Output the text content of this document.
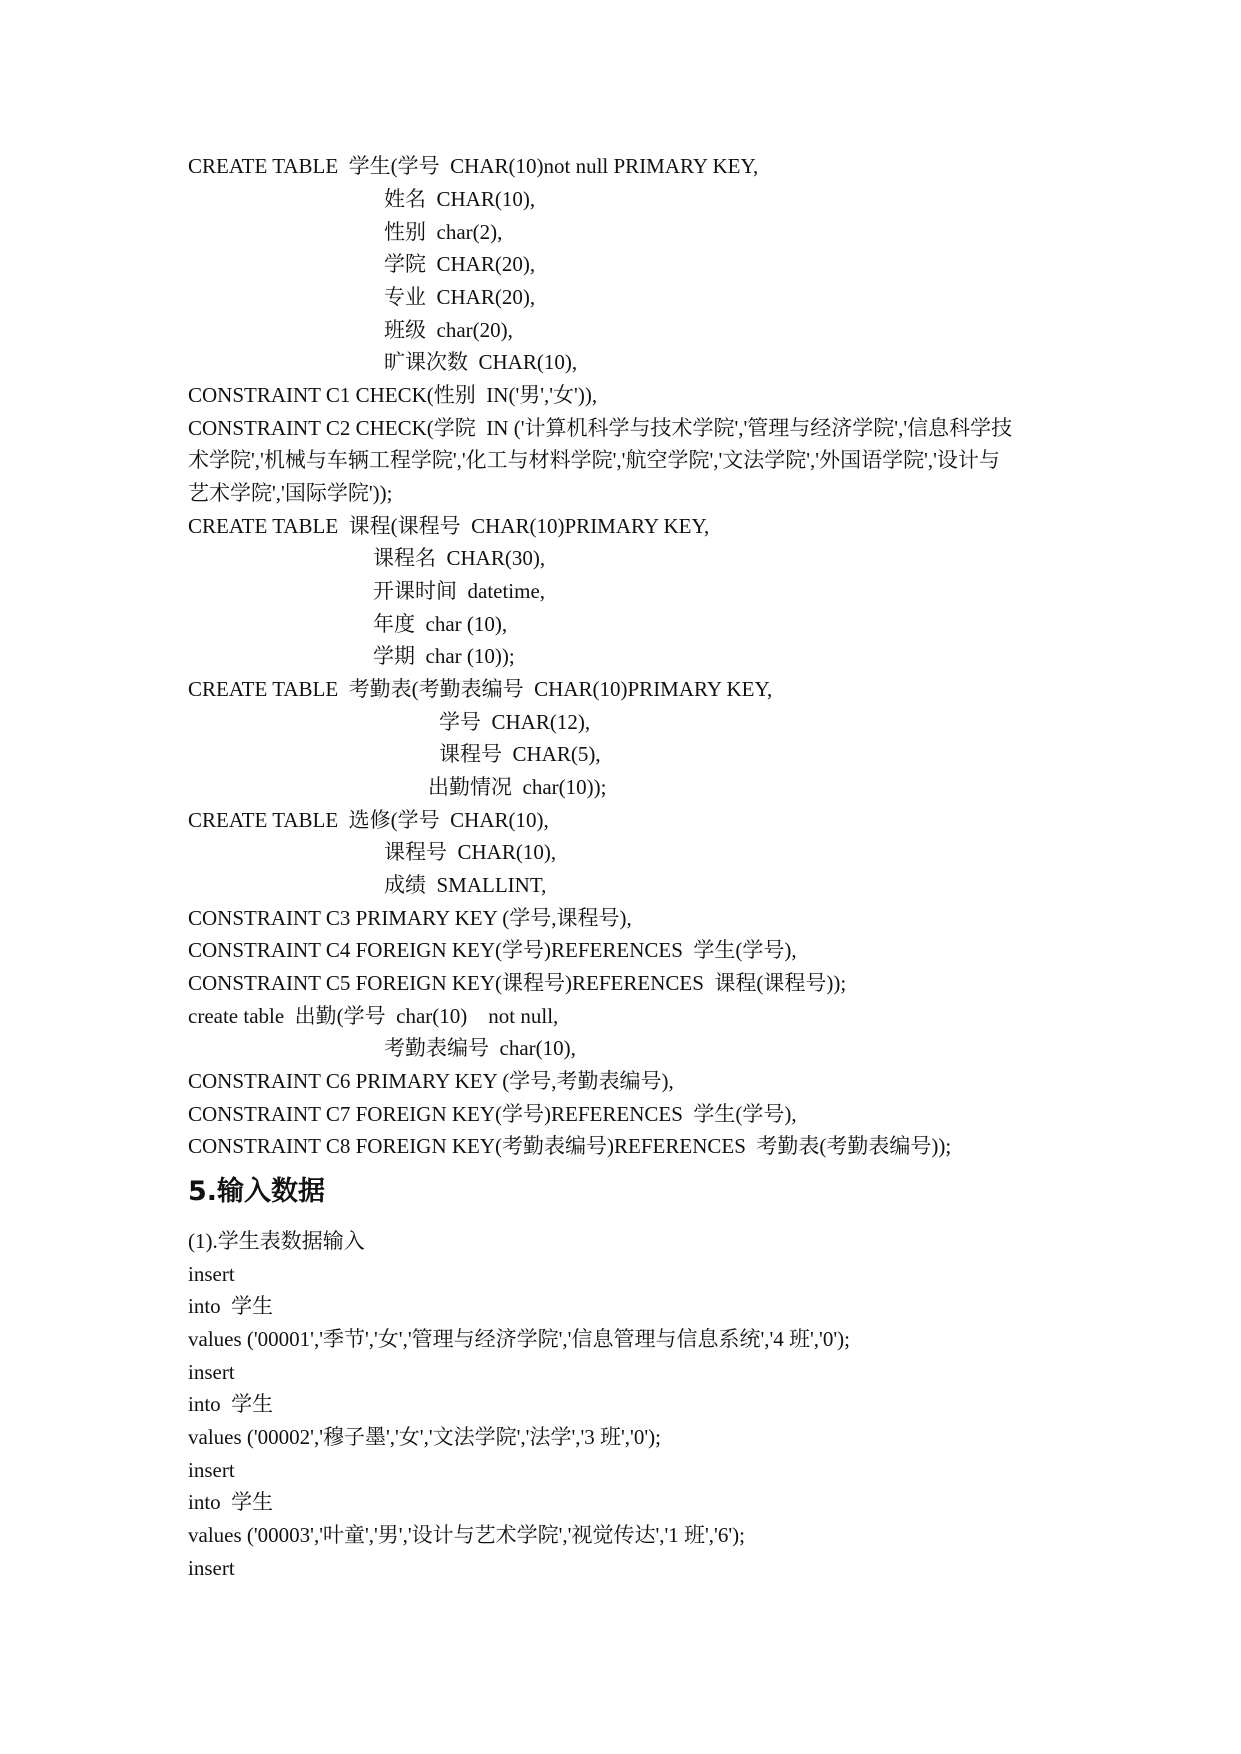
CREATE TABLE  学生(学号  CHAR(10)not null PRIMARY KEY,
姓名  CHAR(10),
性别  char(2),
学院  CHAR(20),
专业  CHAR(20),
班级  char(20),
旷课次数  CHAR(10),
CONSTRAINT C1 CHECK(性别  IN('男','女')),
CONSTRAINT C2 CHECK(学院  IN ('计算机科学与技术学院','管理与经济学院','信息科学技
术学院','机械与车辆工程学院','化工与材料学院','航空学院','文法学院','外国语学院','设计与
艺术学院','国际学院'));
CREATE TABLE  课程(课程号  CHAR(10)PRIMARY KEY,
课程名  CHAR(30),
开课时间  datetime,
年度  char (10),
学期  char (10));
CREATE TABLE  考勤表(考勤表编号  CHAR(10)PRIMARY KEY,
学号  CHAR(12),
课程号  CHAR(5),
出勤情况  char(10));
CREATE TABLE  选修(学号  CHAR(10),
课程号  CHAR(10),
成绩  SMALLINT,
CONSTRAINT C3 PRIMARY KEY (学号,课程号),
CONSTRAINT C4 FOREIGN KEY(学号)REFERENCES  学生(学号),
CONSTRAINT C5 FOREIGN KEY(课程号)REFERENCES  课程(课程号));
create table  出勤(学号  char(10)    not null,
考勤表编号  char(10),
CONSTRAINT C6 PRIMARY KEY (学号,考勤表编号),
CONSTRAINT C7 FOREIGN KEY(学号)REFERENCES  学生(学号),
CONSTRAINT C8 FOREIGN KEY(考勤表编号)REFERENCES  考勤表(考勤表编号));
5.输入数据
(1).学生表数据输入
insert
into  学生
values ('00001','季节','女','管理与经济学院','信息管理与信息系统','4 班','0');
insert
into  学生
values ('00002','穆子墨','女','文法学院','法学','3 班','0');
insert
into  学生
values ('00003','叶童','男','设计与艺术学院','视觉传达','1 班','6');
insert
